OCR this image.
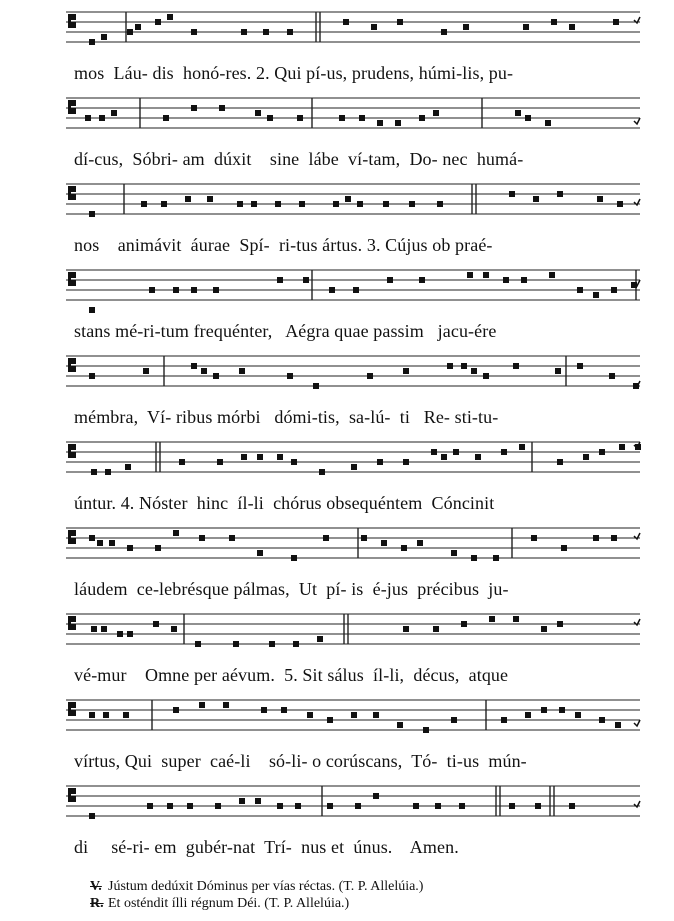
mos  Láu- dis  honó-res. 2. Qui pí-us, prudens, húmi-lis, pu-
dí-cus,  Sóbri- am  dúxit    sine  lábe  ví-tam,  Do- nec  humá-
nos    animávit  áurae  Spí-  ri-tus ártus. 3. Cújus ob praé-
stans mé-ri-tum frequénter,   Aégra quae passim   jacu-ére
mémbra,  Ví- ribus mórbi   dómi-tis,  sa-lú-  ti   Re- sti-tu-
úntur. 4. Nóster  hinc  íl-li  chórus obsequéntem  Cóncinit
láudem  ce-lebrésque pálmas,  Ut  pí- is  é-jus  précibus  ju-
vé-mur    Omne per aévum.  5. Sit sálus  íl-li,  décus,  atque
vírtus, Qui  super  caé-li    só-li- o corúscans,  Tó-  ti-us  mún-
di     sé-ri- em  gubér-nat  Trí-  nus et  únus.    Amen.
V. Jústum dedúxit Dóminus per vías réctas. (T. P. Allelúia.)
R. Et osténdit ílli régnum Déi. (T. P. Allelúia.)
